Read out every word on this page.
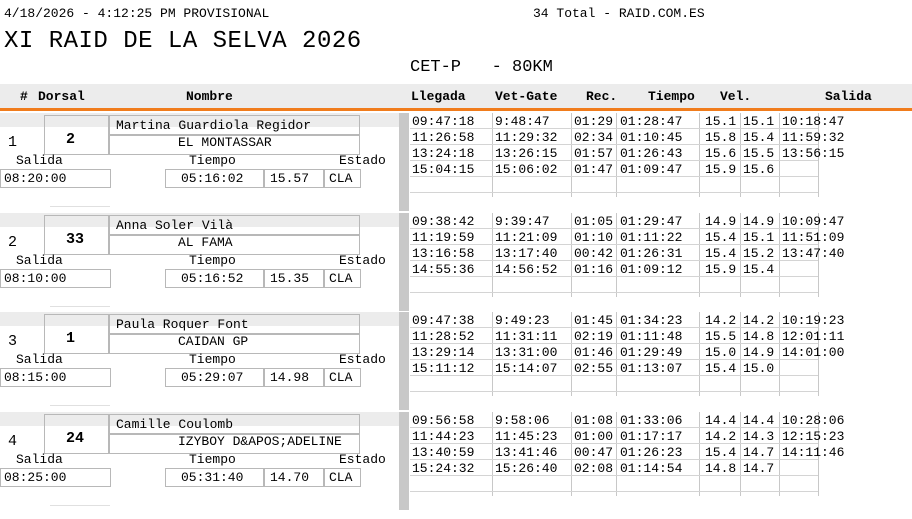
4/18/2026 - 4:12:25 PM PROVISIONAL	34 Total - RAID.COM.ES
XI RAID DE LA SELVA 2026
CET-P   - 80KM
# Dorsal	Nombre	Llegada Vet-Gate Rec. Tiempo Vel.	Salida
1	2
Martina Guardiola Regidor
EL MONTASSAR
Salida	Tiempo	Estado
08:20:00	05:16:02 15.57 CLA
09:47:18 9:48:47 01:29 01:28:47 15.1 15.1 10:18:47
11:26:58 11:29:32 02:34 01:10:45 15.8 15.4 11:59:32
13:24:18 13:26:15 01:57 01:26:43 15.6 15.5 13:56:15
15:04:15 15:06:02 01:47 01:09:47 15.9 15.6
2	33
Anna Soler Vilà
AL FAMA
Salida	Tiempo	Estado
08:10:00	05:16:52 15.35 CLA
09:38:42 9:39:47 01:05 01:29:47 14.9 14.9 10:09:47
11:19:59 11:21:09 01:10 01:11:22 15.4 15.1 11:51:09
13:16:58 13:17:40 00:42 01:26:31 15.4 15.2 13:47:40
14:55:36 14:56:52 01:16 01:09:12 15.9 15.4
3	1
Paula Roquer Font
CAIDAN GP
Salida	Tiempo	Estado
08:15:00	05:29:07 14.98 CLA
09:47:38 9:49:23 01:45 01:34:23 14.2 14.2 10:19:23
11:28:52 11:31:11 02:19 01:11:48 15.5 14.8 12:01:11
13:29:14 13:31:00 01:46 01:29:49 15.0 14.9 14:01:00
15:11:12 15:14:07 02:55 01:13:07 15.4 15.0
4	24
Camille Coulomb
IZYBOY D&APOS;ADELINE
Salida	Tiempo	Estado
08:25:00	05:31:40 14.70 CLA
09:56:58 9:58:06 01:08 01:33:06 14.4 14.4 10:28:06
11:44:23 11:45:23 01:00 01:17:17 14.2 14.3 12:15:23
13:40:59 13:41:46 00:47 01:26:23 15.4 14.7 14:11:46
15:24:32 15:26:40 02:08 01:14:54 14.8 14.7
